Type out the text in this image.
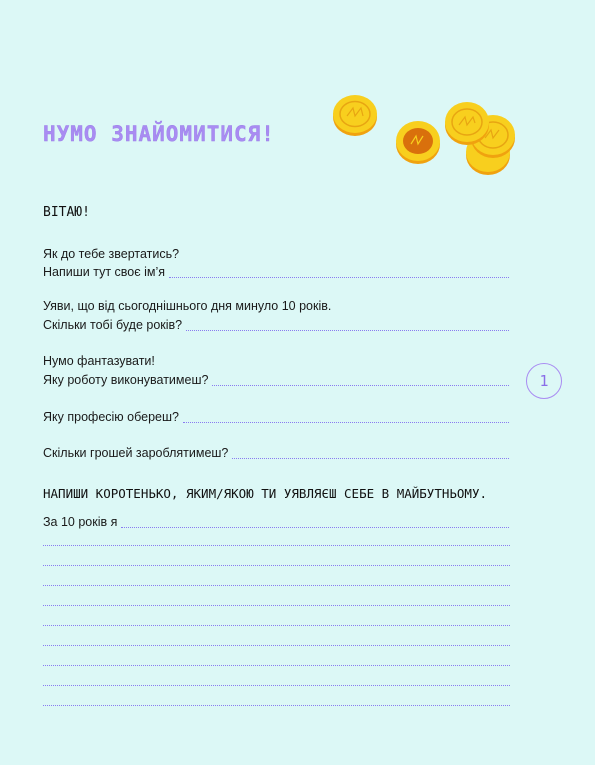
НУМО ЗНАЙОМИТИСЯ!
ВІТАЮ!
Як до тебе звертатись?
Напиши тут своє ім’я
Уяви, що від сьогоднішнього дня минуло 10 років.
Скільки тобі буде років?
Нумо фантазувати!
Яку роботу виконуватимеш?
Яку професію обереш?
Скільки грошей зароблятимеш?
НАПИШИ КОРОТЕНЬКО, ЯКИМ/ЯКОЮ ТИ УЯВЛЯЄШ СЕБЕ В МАЙБУТНЬОМУ.
За 10 років я
1
